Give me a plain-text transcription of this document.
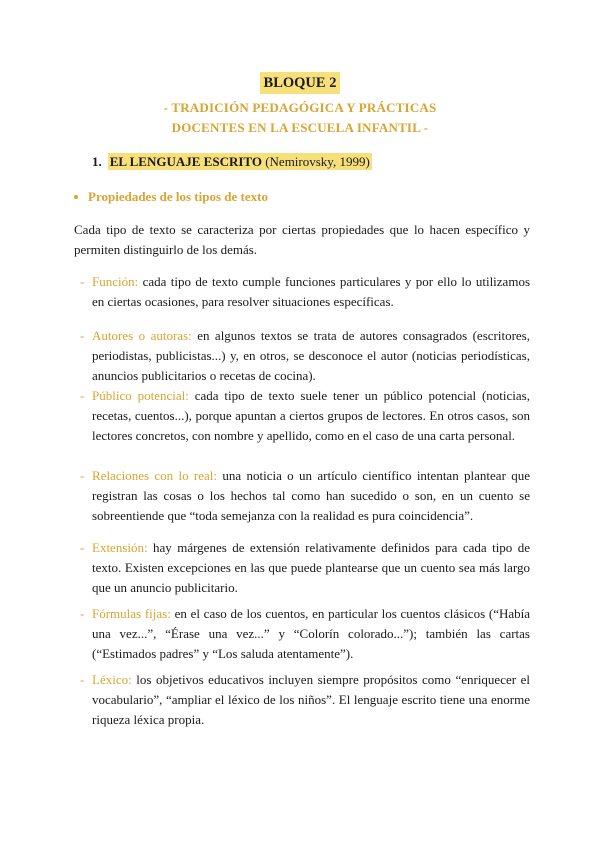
BLOQUE 2
- TRADICIÓN PEDAGÓGICA Y PRÁCTICAS
DOCENTES EN LA ESCUELA INFANTIL -
1. EL LENGUAJE ESCRITO (Nemirovsky, 1999)
Propiedades de los tipos de texto
Cada tipo de texto se caracteriza por ciertas propiedades que lo hacen específico y permiten distinguirlo de los demás.
- Función: cada tipo de texto cumple funciones particulares y por ello lo utilizamos en ciertas ocasiones, para resolver situaciones específicas.
- Autores o autoras: en algunos textos se trata de autores consagrados (escritores, periodistas, publicistas...) y, en otros, se desconoce el autor (noticias periodísticas, anuncios publicitarios o recetas de cocina).
- Público potencial: cada tipo de texto suele tener un público potencial (noticias, recetas, cuentos...), porque apuntan a ciertos grupos de lectores. En otros casos, son lectores concretos, con nombre y apellido, como en el caso de una carta personal.
- Relaciones con lo real: una noticia o un artículo científico intentan plantear que registran las cosas o los hechos tal como han sucedido o son, en un cuento se sobreentiende que “toda semejanza con la realidad es pura coincidencia”.
- Extensión: hay márgenes de extensión relativamente definidos para cada tipo de texto. Existen excepciones en las que puede plantearse que un cuento sea más largo que un anuncio publicitario.
- Fórmulas fijas: en el caso de los cuentos, en particular los cuentos clásicos (“Había una vez...”, “Érase una vez...” y “Colorín colorado...”); también las cartas (“Estimados padres” y “Los saluda atentamente”).
- Léxico: los objetivos educativos incluyen siempre propósitos como “enriquecer el vocabulario”, “ampliar el léxico de los niños”. El lenguaje escrito tiene una enorme riqueza léxica propia.
